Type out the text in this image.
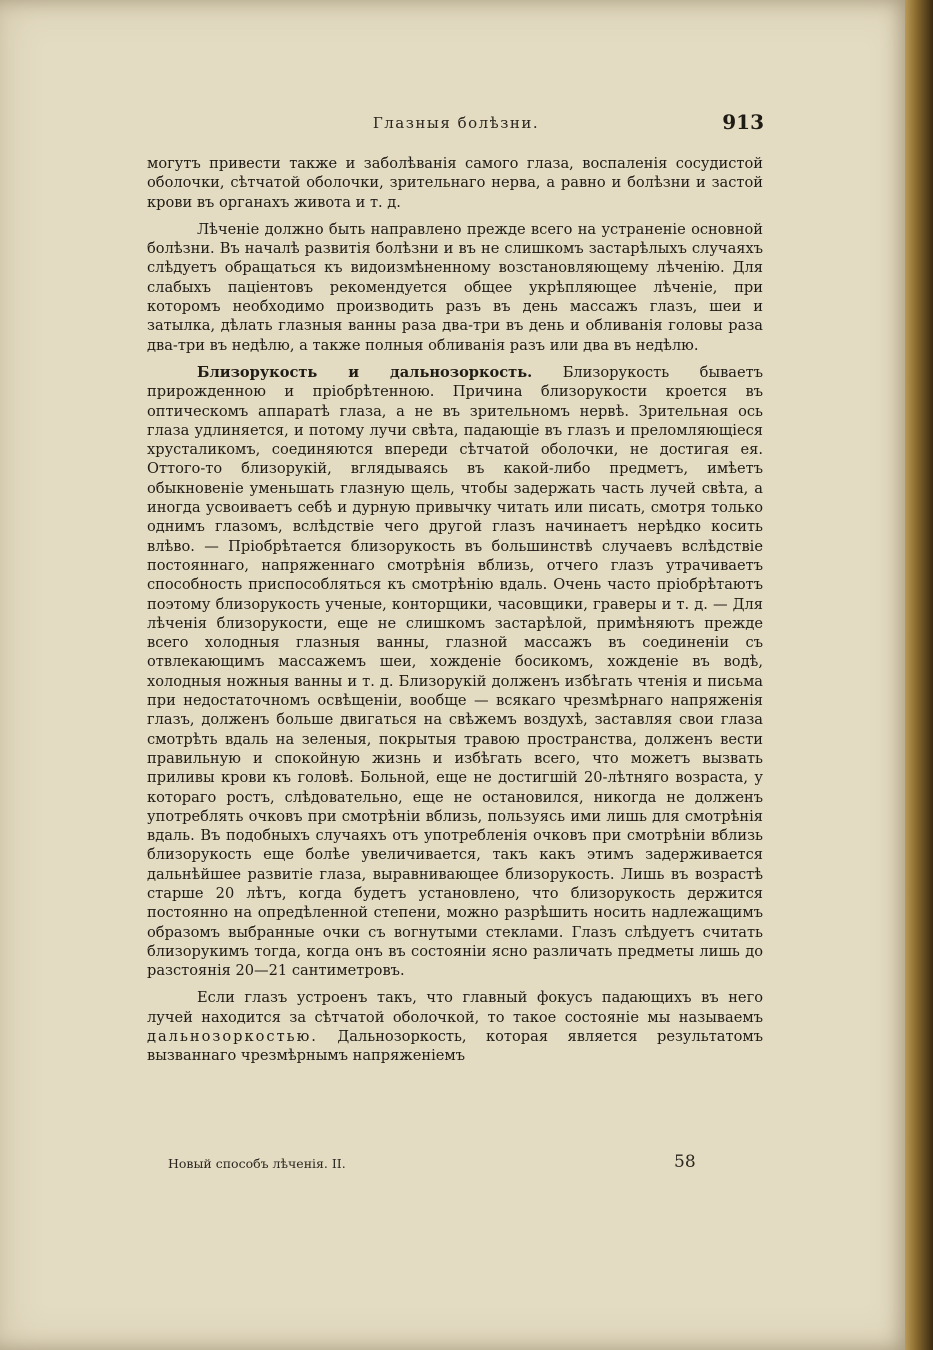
Глазныя болѣзни.	913

могутъ привести также и заболѣванія самого глаза, воспаленія сосудистой оболочки, сѣтчатой оболочки, зрительнаго нерва, а равно и болѣзни и застой крови въ органахъ живота и т. д.

Лѣченіе должно быть направлено прежде всего на устраненіе основной болѣзни. Въ началѣ развитія болѣзни и въ не слишкомъ застарѣлыхъ случаяхъ слѣдуетъ обращаться къ видоизмѣненному возстановляющему лѣченію. Для слабыхъ паціентовъ рекомендуется общее укрѣпляющее лѣченіе, при которомъ необходимо производить разъ въ день массажъ глазъ, шеи и затылка, дѣлать глазныя ванны раза два-три въ день и обливанія головы раза два-три въ недѣлю, а также полныя обливанія разъ или два въ недѣлю.

Близорукость и дальнозоркость. Близорукость бываетъ прирожденною и пріобрѣтенною. Причина близорукости кроется въ оптическомъ аппаратѣ глаза, а не въ зрительномъ нервѣ. Зрительная ось глаза удлиняется, и потому лучи свѣта, падающіе въ глазъ и преломляющіеся хрусталикомъ, соединяются впереди сѣтчатой оболочки, не достигая ея. Оттого-то близорукій, вглядываясь въ какой-либо предметъ, имѣетъ обыкновеніе уменьшать глазную щель, чтобы задержать часть лучей свѣта, а иногда усвоиваетъ себѣ и дурную привычку читать или писать, смотря только однимъ глазомъ, вслѣдствіе чего другой глазъ начинаетъ нерѣдко косить влѣво. — Пріобрѣтается близорукость въ большинствѣ случаевъ вслѣдствіе постояннаго, напряженнаго смотрѣнія вблизь, отчего глазъ утрачиваетъ способность приспособляться къ смотрѣнію вдаль. Очень часто пріобрѣтаютъ поэтому близорукость ученые, конторщики, часовщики, граверы и т. д. — Для лѣченія близорукости, еще не слишкомъ застарѣлой, примѣняютъ прежде всего холодныя глазныя ванны, глазной массажъ въ соединеніи съ отвлекающимъ массажемъ шеи, хожденіе босикомъ, хожденіе въ водѣ, холодныя ножныя ванны и т. д. Близорукій долженъ избѣгать чтенія и письма при недостаточномъ освѣщеніи, вообще — всякаго чрезмѣрнаго напряженія глазъ, долженъ больше двигаться на свѣжемъ воздухѣ, заставляя свои глаза смотрѣть вдаль на зеленыя, покрытыя травою пространства, долженъ вести правильную и спокойную жизнь и избѣгать всего, что можетъ вызвать приливы крови къ головѣ. Больной, еще не достигшій 20-лѣтняго возраста, у котораго ростъ, слѣдовательно, еще не остановился, никогда не долженъ употреблять очковъ при смотрѣніи вблизь, пользуясь ими лишь для смотрѣнія вдаль. Въ подобныхъ случаяхъ отъ употребленія очковъ при смотрѣніи вблизь близорукость еще болѣе увеличивается, такъ какъ этимъ задерживается дальнѣйшее развитіе глаза, выравнивающее близорукость. Лишь въ возрастѣ старше 20 лѣтъ, когда будетъ установлено, что близорукость держится постоянно на опредѣленной степени, можно разрѣшить носить надлежащимъ образомъ выбранные очки съ вогнутыми стеклами. Глазъ слѣдуетъ считать близорукимъ тогда, когда онъ въ состояніи ясно различать предметы лишь до разстоянія 20—21 сантиметровъ.

Если глазъ устроенъ такъ, что главный фокусъ падающихъ въ него лучей находится за сѣтчатой оболочкой, то такое состояніе мы называемъ дальнозоркостью. Дальнозоркость, которая является результатомъ вызваннаго чрезмѣрнымъ напряженіемъ

Новый способъ лѣченія. II.	58
